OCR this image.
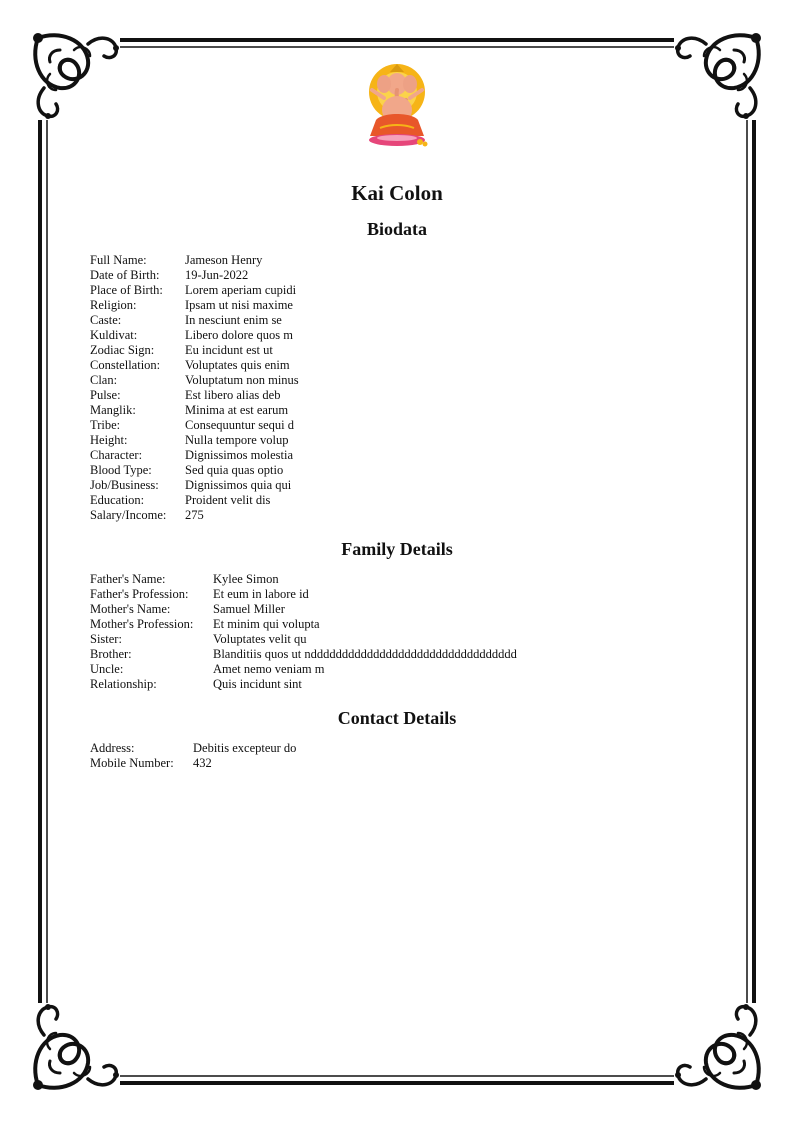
Kai Colon
Biodata
Full Name:	Jameson Henry
Date of Birth:	19-Jun-2022
Place of Birth:	Lorem aperiam cupidi
Religion:	Ipsam ut nisi maxime
Caste:	In nesciunt enim se
Kuldivat:	Libero dolore quos m
Zodiac Sign:	Eu incidunt est ut
Constellation:	Voluptates quis enim
Clan:	Voluptatum non minus
Pulse:	Est libero alias deb
Manglik:	Minima at est earum
Tribe:	Consequuntur sequi d
Height:	Nulla tempore volup
Character:	Dignissimos molestia
Blood Type:	Sed quia quas optio
Job/Business:	Dignissimos quia qui
Education:	Proident velit dis
Salary/Income:	275
Family Details
Father's Name:	Kylee Simon
Father's Profession:	Et eum in labore id
Mother's Name:	Samuel Miller
Mother's Profession:	Et minim qui volupta
Sister:	Voluptates velit qu
Brother:	Blanditiis quos ut nddddddddddddddddddddddddddddddddd
Uncle:	Amet nemo veniam m
Relationship:	Quis incidunt sint
Contact Details
Address:	Debitis excepteur do
Mobile Number:	432
